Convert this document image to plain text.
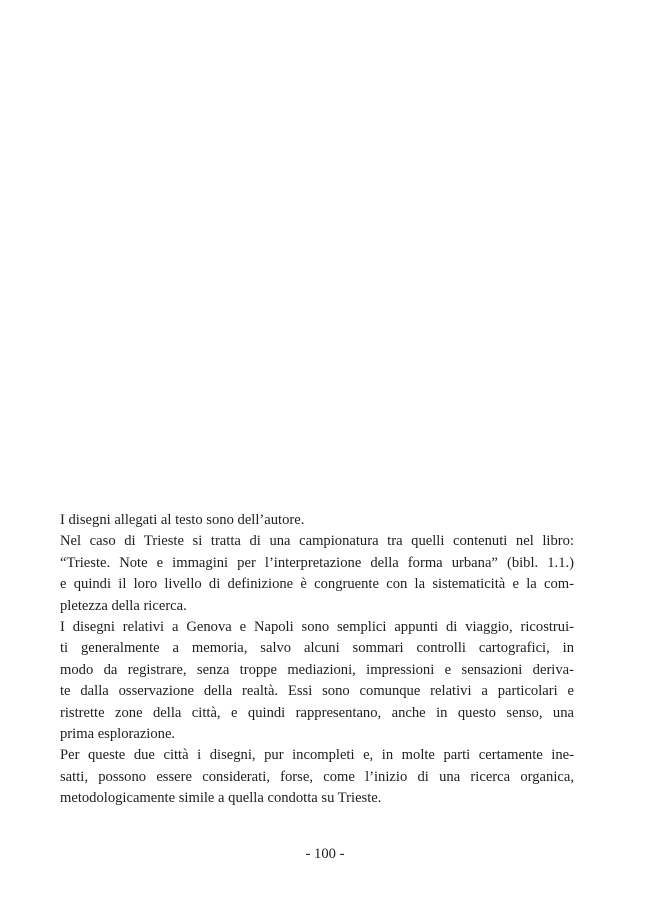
I disegni allegati al testo sono dell’autore.
Nel caso di Trieste si tratta di una campionatura tra quelli contenuti nel libro:
“Trieste. Note e immagini per l’interpretazione della forma urbana” (bibl. 1.1.)
e quindi il loro livello di definizione è congruente con la sistematicità e la com-
pletezza della ricerca.
I disegni relativi a Genova e Napoli sono semplici appunti di viaggio, ricostrui-
ti generalmente a memoria, salvo alcuni sommari controlli cartografici, in
modo da registrare, senza troppe mediazioni, impressioni e sensazioni deriva-
te dalla osservazione della realtà. Essi sono comunque relativi a particolari e
ristrette zone della città, e quindi rappresentano, anche in questo senso, una
prima esplorazione.
Per queste due città i disegni, pur incompleti e, in molte parti certamente ine-
satti, possono essere considerati, forse, come l’inizio di una ricerca organica,
metodologicamente simile a quella condotta su Trieste.
- 100 -
